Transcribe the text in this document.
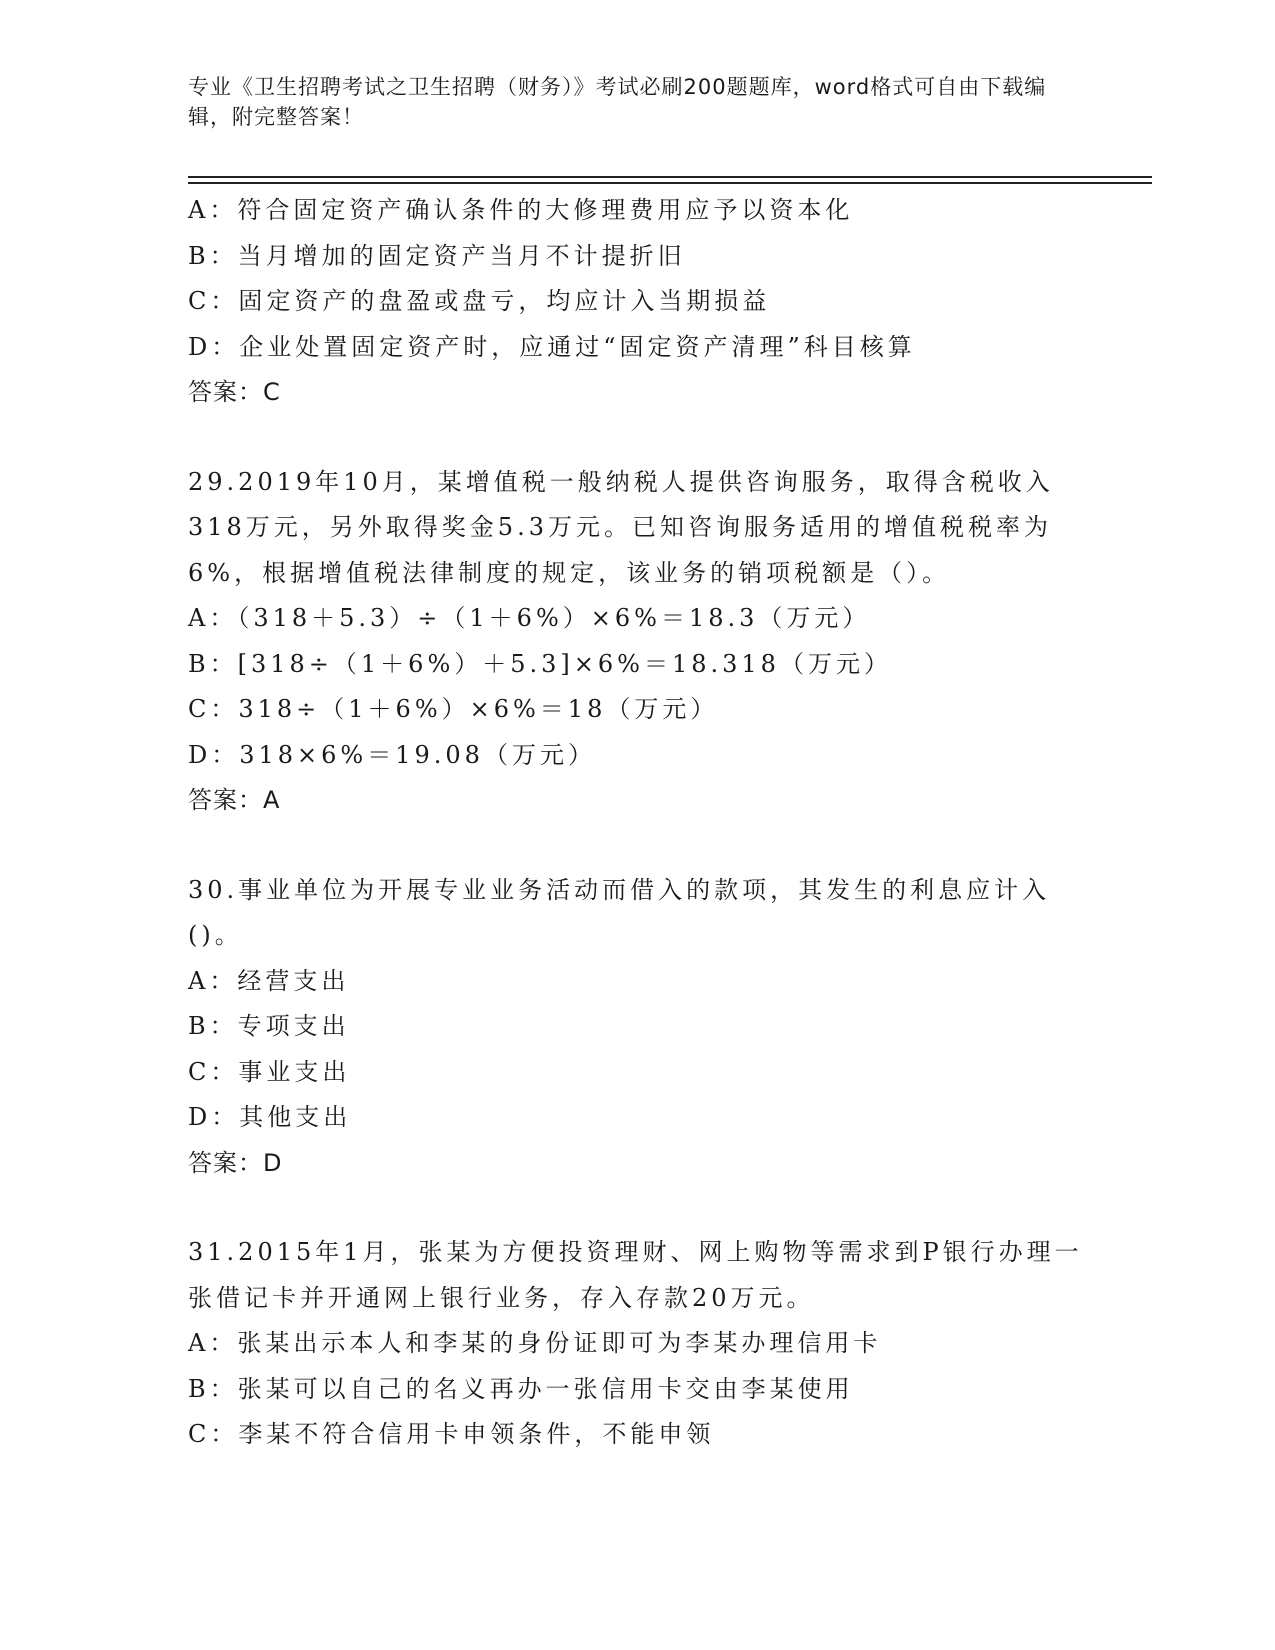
专业《卫生招聘考试之卫生招聘（财务）》考试必刷200题题库，word格式可自由下载编辑，附完整答案！

A：符合固定资产确认条件的大修理费用应予以资本化
B：当月增加的固定资产当月不计提折旧
C：固定资产的盘盈或盘亏，均应计入当期损益
D：企业处置固定资产时，应通过“固定资产清理”科目核算
答案：C
29.2019年10月，某增值税一般纳税人提供咨询服务，取得含税收入318万元，另外取得奖金5.3万元。已知咨询服务适用的增值税税率为6%，根据增值税法律制度的规定，该业务的销项税额是（）。
A：（318＋5.3）÷（1＋6%）×6%＝18.3（万元）
B：[318÷（1＋6%）＋5.3]×6%＝18.318（万元）
C：318÷（1＋6%）×6%＝18（万元）
D：318×6%＝19.08（万元）
答案：A
30.事业单位为开展专业业务活动而借入的款项，其发生的利息应计入()。
A：经营支出
B：专项支出
C：事业支出
D：其他支出
答案：D
31.2015年1月，张某为方便投资理财、网上购物等需求到P银行办理一张借记卡并开通网上银行业务，存入存款20万元。
A：张某出示本人和李某的身份证即可为李某办理信用卡
B：张某可以自己的名义再办一张信用卡交由李某使用
C：李某不符合信用卡申领条件，不能申领
